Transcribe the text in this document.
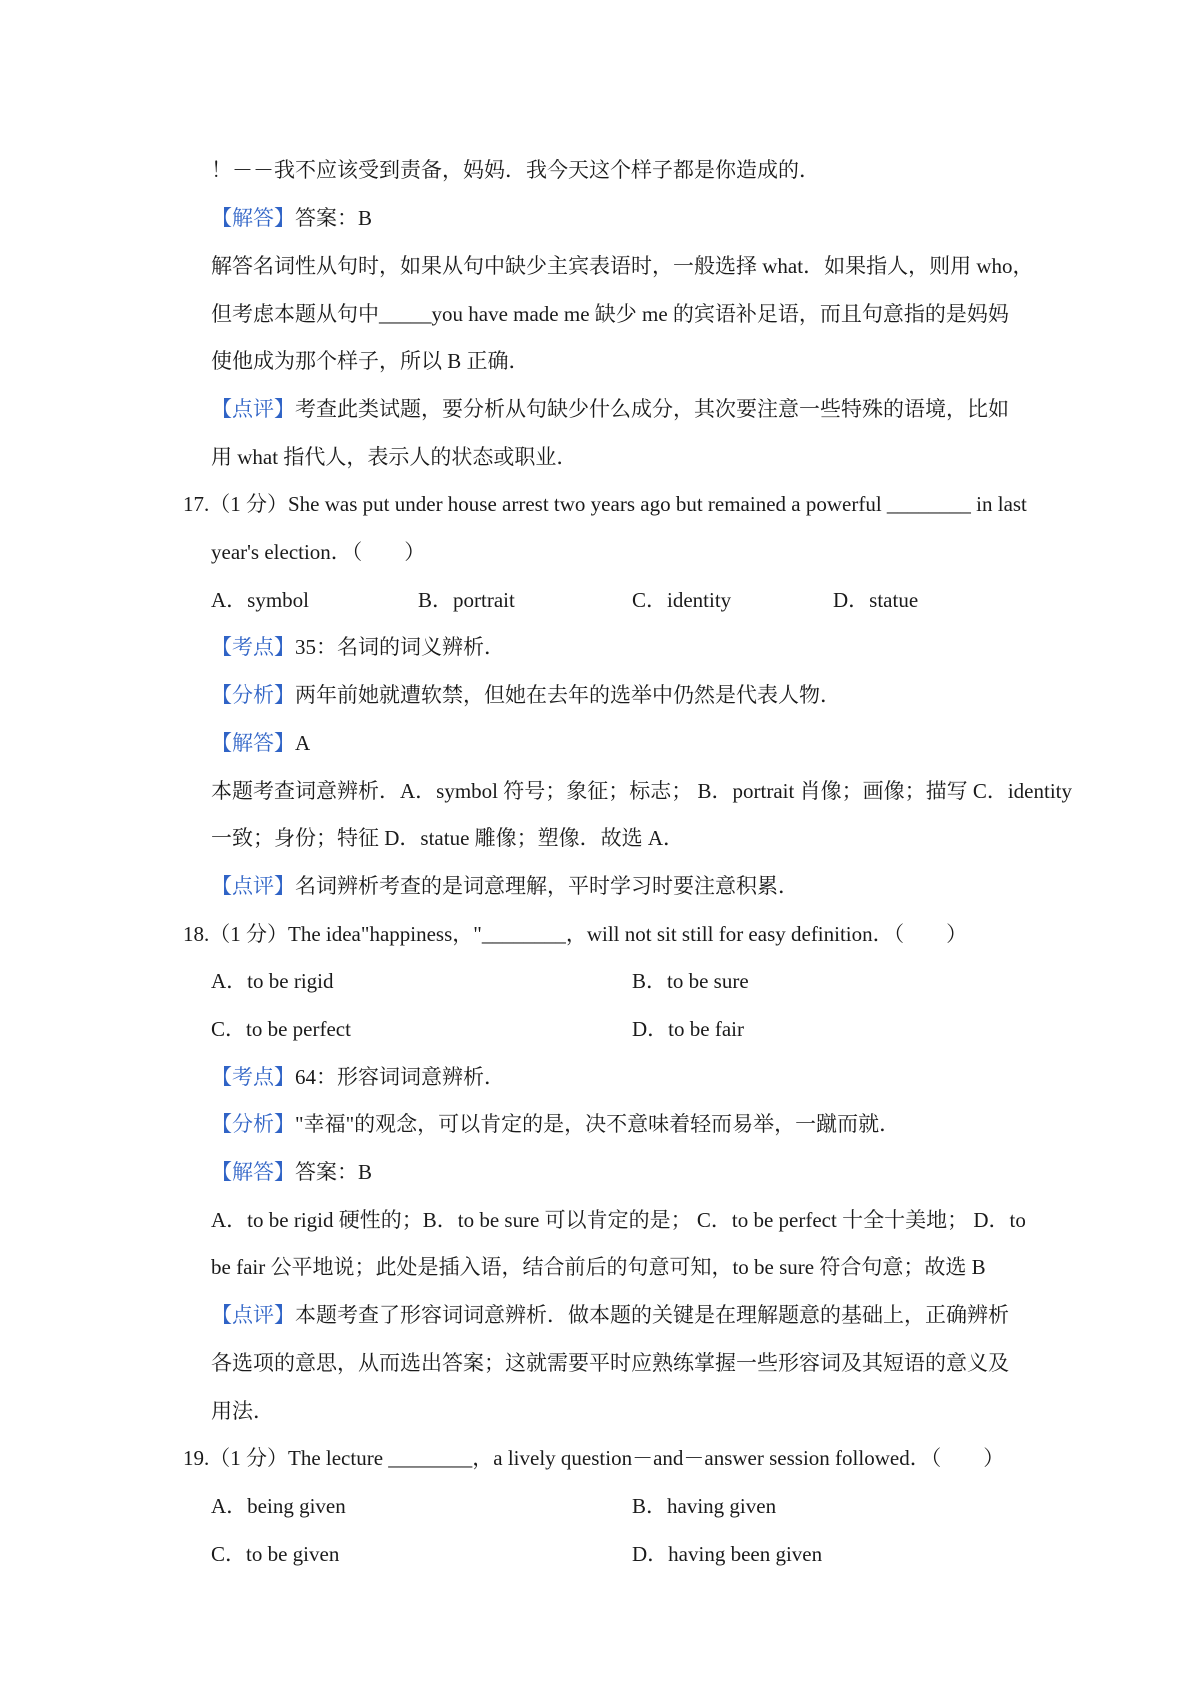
！－－我不应该受到责备，妈妈．我今天这个样子都是你造成的．
【解答】答案：B
解答名词性从句时，如果从句中缺少主宾表语时，一般选择 what．如果指人，则用 who，
但考虑本题从句中_____you have made me 缺少 me 的宾语补足语，而且句意指的是妈妈
使他成为那个样子，所以 B 正确．
【点评】考查此类试题，要分析从句缺少什么成分，其次要注意一些特殊的语境，比如
用 what 指代人，表示人的状态或职业．
17.（1 分）She was put under house arrest two years ago but remained a powerful ________ in last
year's election．（　　）
A．symbol	B．portrait	C．identity	D．statue
【考点】35：名词的词义辨析．
【分析】两年前她就遭软禁，但她在去年的选举中仍然是代表人物．
【解答】A
本题考查词意辨析．A．symbol 符号；象征；标志； B．portrait 肖像；画像；描写 C．identity
一致；身份；特征 D．statue 雕像；塑像．故选 A．
【点评】名词辨析考查的是词意理解，平时学习时要注意积累．
18.（1 分）The idea"happiness，"________，will not sit still for easy definition．（　　）
A．to be rigid	B．to be sure
C．to be perfect	D．to be fair
【考点】64：形容词词意辨析．
【分析】"幸福"的观念，可以肯定的是，决不意味着轻而易举，一蹴而就．
【解答】答案：B
A．to be rigid 硬性的；B．to be sure 可以肯定的是； C．to be perfect 十全十美地； D．to
be fair 公平地说；此处是插入语，结合前后的句意可知，to be sure 符合句意；故选 B
【点评】本题考查了形容词词意辨析．做本题的关键是在理解题意的基础上，正确辨析
各选项的意思，从而选出答案；这就需要平时应熟练掌握一些形容词及其短语的意义及
用法．
19.（1 分）The lecture ________，a lively question－and－answer session followed．（　　）
A．being given	B．having given
C．to be given	D．having been given
